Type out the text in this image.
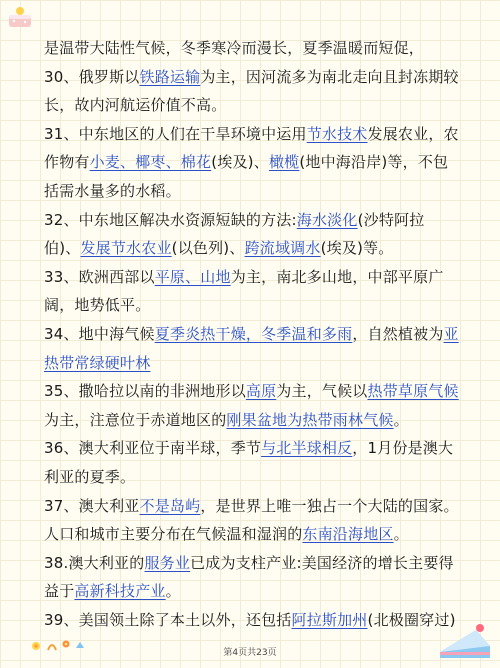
是温带大陆性气候，冬季寒冷而漫长，夏季温暖而短促，
30、俄罗斯以铁路运输为主，因河流多为南北走向且封冻期较
长，故内河航运价值不高。
31、中东地区的人们在干旱环境中运用节水技术发展农业，农
作物有小麦、椰枣、棉花(埃及)、橄榄(地中海沿岸)等，不包
括需水量多的水稻。
32、中东地区解决水资源短缺的方法:海水淡化(沙特阿拉
伯)、发展节水农业(以色列)、跨流域调水(埃及)等。
33、欧洲西部以平原、山地为主，南北多山地，中部平原广
阔，地势低平。
34、地中海气候夏季炎热干燥，冬季温和多雨，自然植被为亚
热带常绿硬叶林
35、撒哈拉以南的非洲地形以高原为主，气候以热带草原气候
为主，注意位于赤道地区的刚果盆地为热带雨林气候。
36、澳大利亚位于南半球，季节与北半球相反，1月份是澳大
利亚的夏季。
37、澳大利亚不是岛屿，是世界上唯一独占一个大陆的国家。
人口和城市主要分布在气候温和湿润的东南沿海地区。
38.澳大利亚的服务业已成为支柱产业:美国经济的增长主要得
益于高新科技产业。
39、美国领土除了本土以外，还包括阿拉斯加州(北极圈穿过)
第4页共23页
